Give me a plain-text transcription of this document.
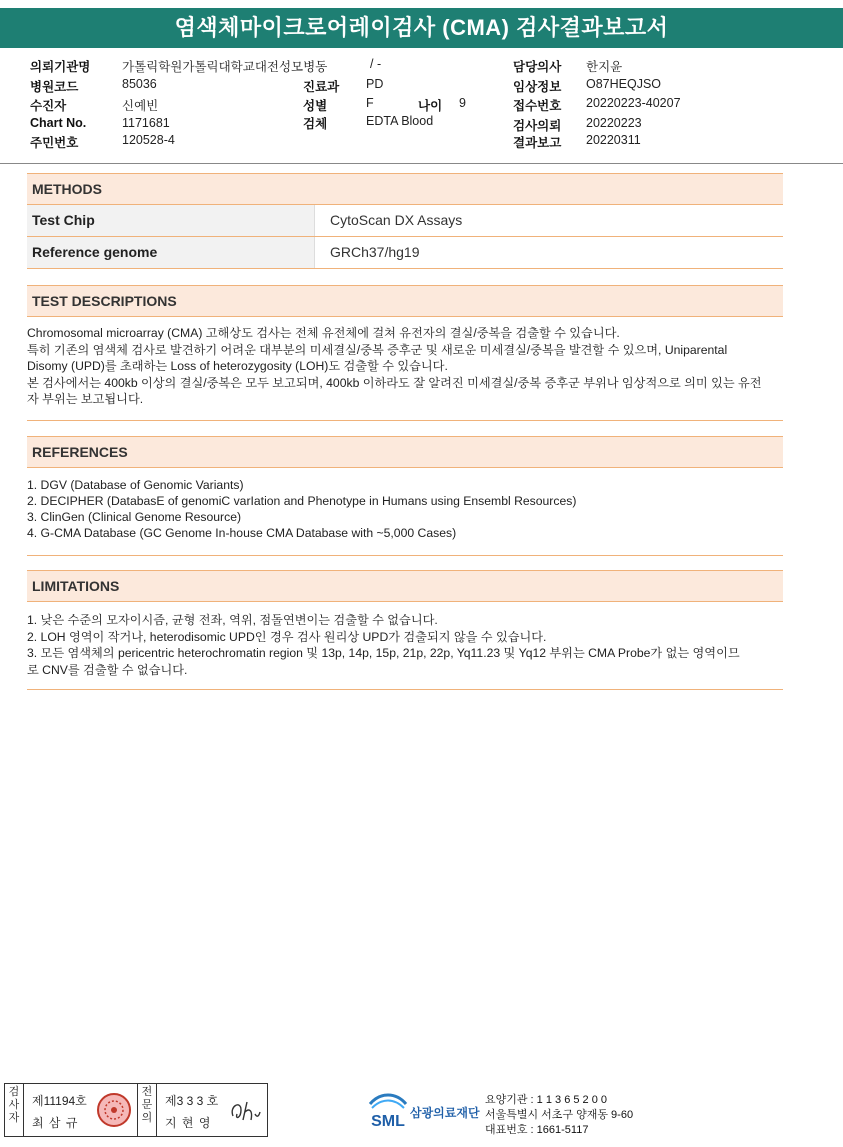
염색체마이크로어레이검사 (CMA) 검사결과보고서
의뢰기관명	가톨릭학원가톨릭대학교대전성모병동	/ -
병원코드	85036
수진자	신예빈
Chart No.	1171681
주민번호	120528-4
진료과 PD
성별	F	나이 9
검체	EDTA Blood
담당의사 한지윤
임상정보 O87HEQJSO
접수번호 20220223-40207
검사의뢰 20220223
결과보고 20220311
METHODS
Test Chip	CytoScan DX Assays
Reference genome	GRCh37/hg19
TEST DESCRIPTIONS
Chromosomal microarray (CMA) 고해상도 검사는 전체 유전체에 걸쳐 유전자의 결실/중복을 검출할 수 있습니다.
특히 기존의 염색체 검사로 발견하기 어려운 대부분의 미세결실/중복 증후군 및 새로운 미세결실/중복을 발견할 수 있으며, Uniparental
Disomy (UPD)를 초래하는 Loss of heterozygosity (LOH)도 검출할 수 있습니다.
본 검사에서는 400kb 이상의 결실/중복은 모두 보고되며, 400kb 이하라도 잘 알려진 미세결실/중복 증후군 부위나 임상적으로 의미 있는 유전
자 부위는 보고됩니다.
REFERENCES
1. DGV (Database of Genomic Variants)
2. DECIPHER (DatabasE of genomiC varIation and Phenotype in Humans using Ensembl Resources)
3. ClinGen (Clinical Genome Resource)
4. G-CMA Database (GC Genome In-house CMA Database with ~5,000 Cases)
LIMITATIONS
1. 낮은 수준의 모자이시즘, 균형 전좌, 역위, 점돌연변이는 검출할 수 없습니다.
2. LOH 영역이 작거나, heterodisomic UPD인 경우 검사 원리상 UPD가 검출되지 않을 수 있습니다.
3. 모든 염색체의 pericentric heterochromatin region 및 13p, 14p, 15p, 21p, 22p, Yq11.23 및 Yq12 부위는 CMA Probe가 없는 영역이므
로 CNV를 검출할 수 없습니다.
검사자
제11194호
최 삼 규
전문의
제3 3 3 호
지 현 영	SML 삼광의료재단
요양기관 : 1 1 3 6 5 2 0 0
서울특별시 서초구 양재동 9-60
대표번호 : 1661-5117
